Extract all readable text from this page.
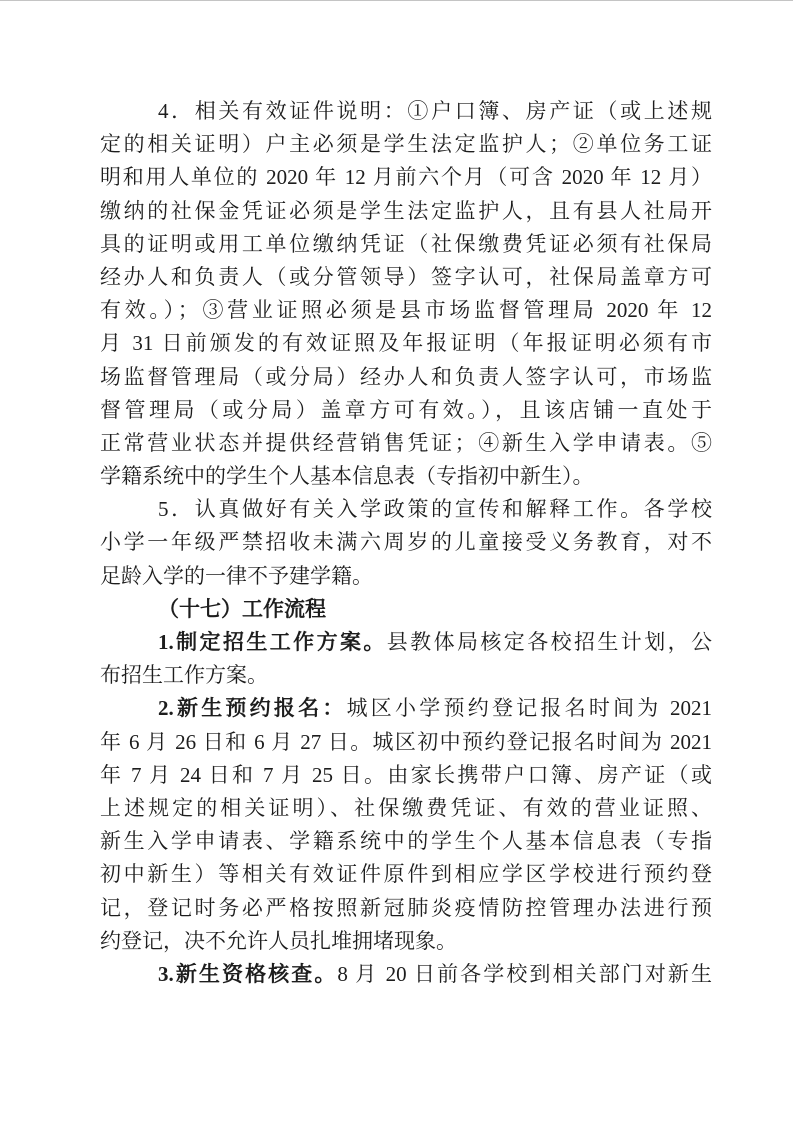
4．相关有效证件说明：①户口簿、房产证（或上述规
定的相关证明）户主必须是学生法定监护人；②单位务工证
明和用人单位的 2020 年 12 月前六个月（可含 2020 年 12 月）
缴纳的社保金凭证必须是学生法定监护人，且有县人社局开
具的证明或用工单位缴纳凭证（社保缴费凭证必须有社保局
经办人和负责人（或分管领导）签字认可，社保局盖章方可
有效。）；③营业证照必须是县市场监督管理局 2020 年 12
月 31 日前颁发的有效证照及年报证明（年报证明必须有市
场监督管理局（或分局）经办人和负责人签字认可，市场监
督管理局（或分局）盖章方可有效。），且该店铺一直处于
正常营业状态并提供经营销售凭证；④新生入学申请表。⑤
学籍系统中的学生个人基本信息表（专指初中新生）。
5．认真做好有关入学政策的宣传和解释工作。各学校
小学一年级严禁招收未满六周岁的儿童接受义务教育，对不
足龄入学的一律不予建学籍。
（十七）工作流程
1.制定招生工作方案。县教体局核定各校招生计划，公
布招生工作方案。
2.新生预约报名：城区小学预约登记报名时间为 2021
年 6 月 26 日和 6 月 27 日。城区初中预约登记报名时间为 2021
年 7 月 24 日和 7 月 25 日。由家长携带户口簿、房产证（或
上述规定的相关证明）、社保缴费凭证、有效的营业证照、
新生入学申请表、学籍系统中的学生个人基本信息表（专指
初中新生）等相关有效证件原件到相应学区学校进行预约登
记，登记时务必严格按照新冠肺炎疫情防控管理办法进行预
约登记，决不允许人员扎堆拥堵现象。
3.新生资格核查。8 月 20 日前各学校到相关部门对新生
